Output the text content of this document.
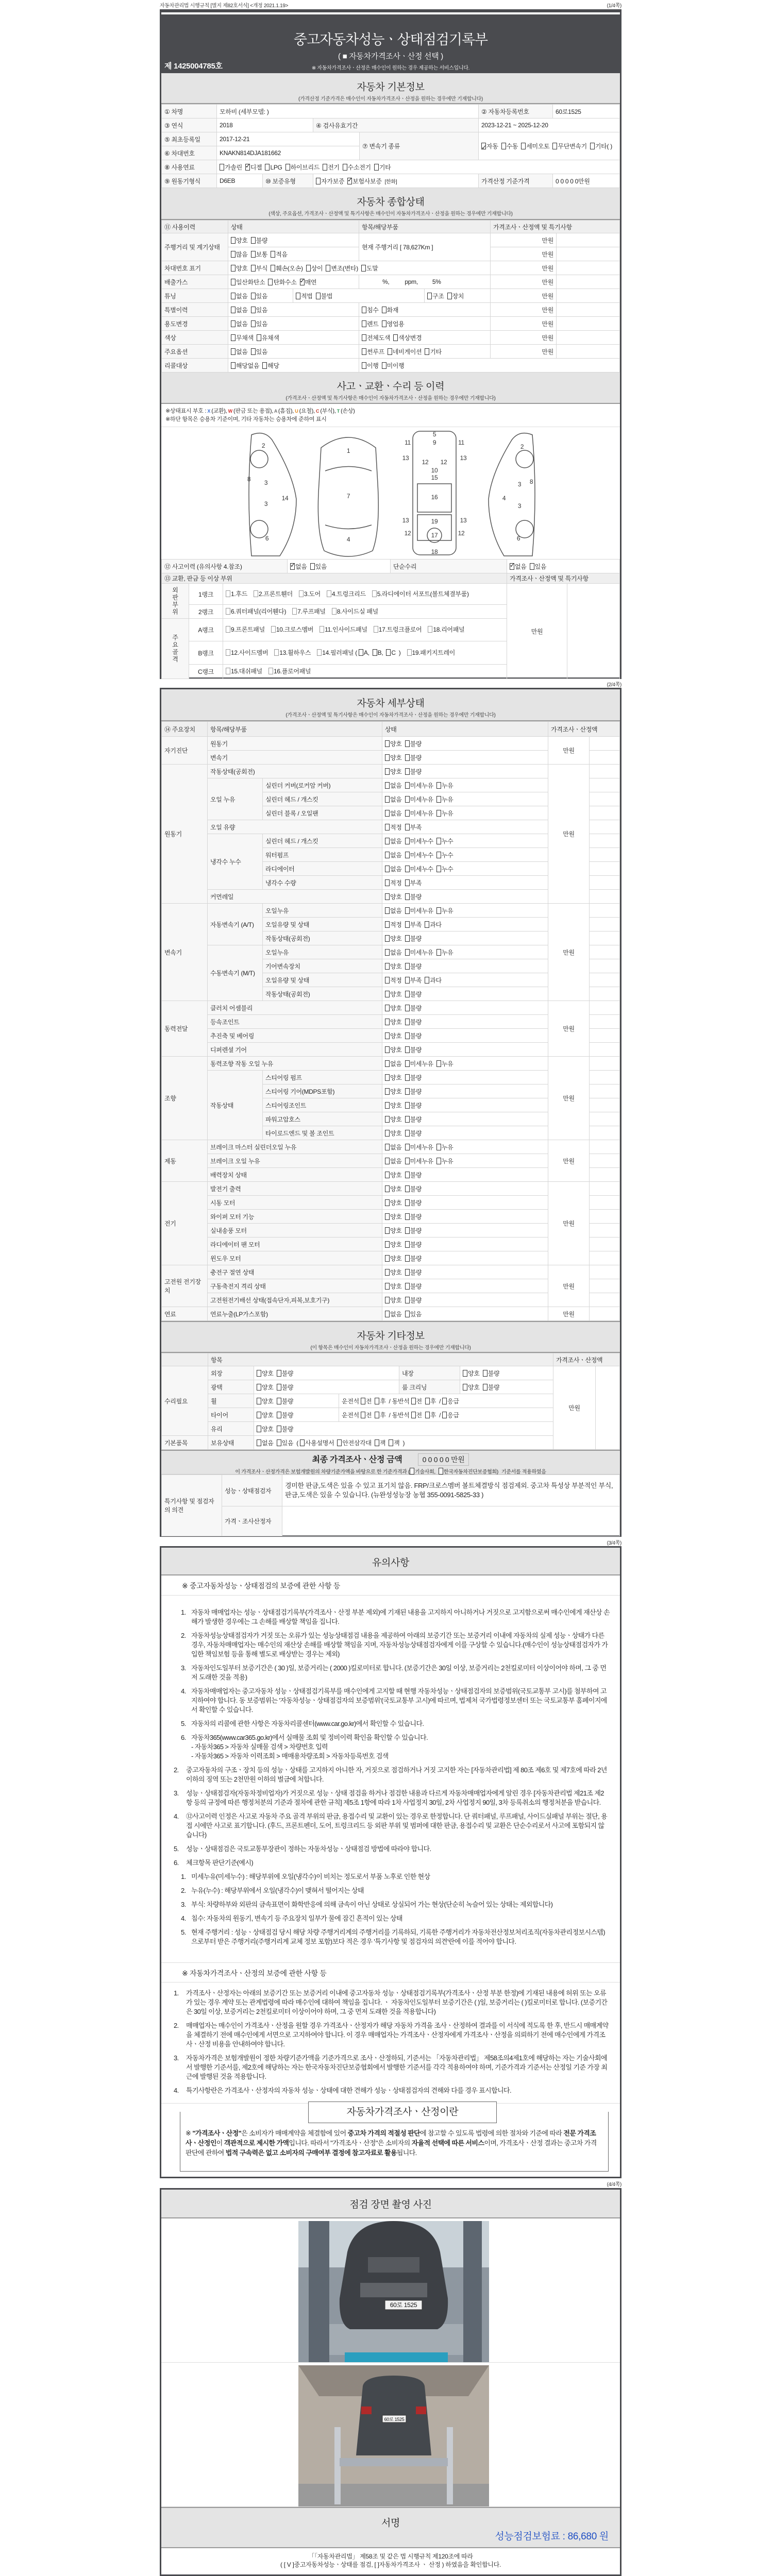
자동차관리법 시행규칙 [별지 제82호서식] <개정 2021.1.19>	(1/4쪽)
중고자동차성능ㆍ상태점검기록부
( ■ 자동차가격조사ㆍ산정 선택 )
※ 자동차가격조사ㆍ산정은 매수인이 원하는 경우 제공하는 서비스입니다.
제 1425004785호
자동차 기본정보
(가격산정 기준가격은 매수인이 자동차가격조사ㆍ산정을 원하는 경우에만 기재합니다)
① 차명	모하비 (세부모델: )				② 자동차등록번호	60로1525
③ 연식	2018		④ 검사유효기간		2023-12-21 ~ 2025-12-20	
⑤ 최초등록일	2017-12-21			⑦ 변속기 종류	✓자동 수동 세미오토 무단변속기 기타( )
⑥ 차대번호	KNAKN814DJA181662					
⑧ 사용연료	가솔린 ✓ 디젤 LPG 하이브리드 전기 수소전기 기타
⑨ 원동기형식	D6EB	⑩ 보증유형	자가보증 ✓ 보험사보증 [한화]		가격산정 기준가격	0 0 0 0 0만원
자동차 종합상태
(색상, 주요옵션, 가격조사ㆍ산정액 및 특기사항은 매수인이 자동차가격조사ㆍ산정을 원하는 경우에만 기재합니다)
⑪ 사용이력	상태		항목/해당부품		가격조사ㆍ산정액 및 특기사항	
주행거리 및 계기상태	양호 불량		현재 주행거리 [ 78,627Km ]		만원	
	많음 보통 적음				만원	
차대번호 표기	양호 부식 훼손(오손) 상이 변조(변타) 도말				만원	
배출가스	일산화탄소 탄화수소 ✓ 매연		%, ppm, 5%		만원	
튜닝	없음 있음	적법 불법		구조 장치	만원	
특별이력	없음 있음		침수 화재		만원	
용도변경	없음 있음		렌트 영업용		만원	
색상	무채색 유채색		전체도색 색상변경		만원	
주요옵션	없음 있음		썬루프 네비게이션 기타		만원	
리콜대상	해당없음 해당		이행 미이행			
사고ㆍ교환ㆍ수리 등 이력
(가격조사ㆍ산정액 및 특기사항은 매수인이 자동차가격조사ㆍ산정을 원하는 경우에만 기재합니다)
※상태표시 부호 : X (교환), W (판금 또는 용접), A (흠집), U (요철), C (부식), T (손상)
※하단 항목은 승용차 기준이며, 기타 자동차는 승용차에 준하여 표시
2
8 3
3
14
6
1
7
4
5
9
11	11
13	13
12 12
10
15
16
19
13	13
17
12	12
18
2
3 8
4
3
6
⑫ 사고이력 (유의사항 4.참조)	✓없음 있음	단순수리	✓없음 있음
⑬ 교환, 판금 등 이상 부위					가격조사ㆍ산정액 및 특기사항	
외판부위	1랭크	1.후드 2.프론트휀더 3.도어 4.트렁크리드 5.라디에이터 서포트(볼트체결부품)			만원	
	2랭크	6.쿼터패널(리어휀다) 7.루프패널 8.사이드실 패널				
주요골격	A랭크	9.프론트패널 10.크로스멤버 11.인사이드패널 17.트렁크플로어 18.리어패널				
	B랭크	12.사이드멤버 13.휠하우스 14.필러패널 ( A, B, C ) 19.패키지트레이				
	C랭크	15.대쉬패널 16.플로어패널				
(2/4쪽)
자동차 세부상태
(가격조사ㆍ산정액 및 특기사항은 매수인이 자동차가격조사ㆍ산정을 원하는 경우에만 기재합니다)
⑭ 주요장치	항목/해당부품		상태	가격조사ㆍ산정액	
자기진단	원동기		양호 불량	만원	
	변속기		양호 불량		
원동기	작동상태(공회전)		양호 불량	만원	
	오일 누유	실린더 커버(로커암 커버)	없음 미세누유 누유		
		실린더 헤드 / 개스킷	없음 미세누유 누유		
		실린더 블록 / 오일팬	없음 미세누유 누유		
	오일 유량		적정 부족		
	냉각수 누수	실린더 헤드 / 개스킷	없음 미세누수 누수		
		워터펌프	없음 미세누수 누수		
		라디에이터	없음 미세누수 누수		
		냉각수 수량	적정 부족		
	커먼레일		양호 불량		
변속기	자동변속기 (A/T)	오일누유	없음 미세누유 누유	만원	
		오일유량 및 상태	적정 부족 과다		
		작동상태(공회전)	양호 불량		
	수동변속기 (M/T)	오일누유	없음 미세누유 누유		
		기어변속장치	양호 불량		
		오일유량 및 상태	적정 부족 과다		
		작동상태(공회전)	양호 불량		
동력전달	클러치 어셈블리		양호 불량	만원	
	등속조인트		양호 불량		
	추진축 및 베어링		양호 불량		
	디퍼렌셜 기어		양호 불량		
조향	동력조향 작동 오일 누유		없음 미세누유 누유	만원	
	작동상태	스티어링 펌프	양호 불량		
		스티어링 기어(MDPS포함)	양호 불량		
		스티어링조인트	양호 불량		
		파워고압호스	양호 불량		
		타이로드엔드 및 볼 조인트	양호 불량		
제동	브레이크 마스터 실린더오일 누유		없음 미세누유 누유	만원	
	브레이크 오일 누유		없음 미세누유 누유		
	배력장치 상태		양호 불량		
전기	발전기 출력		양호 불량	만원	
	시동 모터		양호 불량		
	와이퍼 모터 기능		양호 불량		
	실내송풍 모터		양호 불량		
	라디에이터 팬 모터		양호 불량		
	윈도우 모터		양호 불량		
고전원 전기장치	충전구 절연 상태		양호 불량	만원	
	구동축전지 격리 상태		양호 불량		
	고전원전기배선 상태(접속단자,피복,보호기구)		양호 불량		
연료	연료누출(LP가스포함)		없음 있음	만원	
자동차 기타정보
(이 항목은 매수인이 자동차가격조사ㆍ산정을 원하는 경우에만 기재합니다)
	항목					가격조사ㆍ산정액	
수리필요	외장	양호 불량		내장	양호 불량	만원	
	광택	양호 불량		룸 크리닝	양호 불량		
	휠	양호 불량	운전석 전 후 / 동반석 전 후 / 응급				
	타이어	양호 불량	운전석 전 후 / 동반석 전 후 / 응급				
	유리	양호 불량					
기본품목	보유상태	없음 있음 ( 사용설명서 안전삼각대 잭 잭 )					
최종 가격조사ㆍ산정 금액	0 0 0 0 0 만원
이 가격조사ㆍ산정가격은 보험개발원의 차량기준가액을 바탕으로 한 기준가격과 ( 기술사회, 한국자동차진단보증협회) 기준서를 적용하였음
특기사항 및 점검자의 의견	성능ㆍ상태점검자	경미한 판금,도색은 있을 수 있고 표기치 않음. FRP/크로스멤버 볼트체결방식 점검제외. 중고차 특성상 부분적인 부식,판금,도색은 있을 수 있습니다. (뉴완성성능장 농협 355-0091-5825-33 )
	가격ㆍ조사산정자	
(3/4쪽)
유의사항
※ 중고자동차성능ㆍ상태점검의 보증에 관한 사항 등
1. 자동차 매매업자는 성능ㆍ상태점검기록부(가격조사ㆍ산정 부분 제외)에 기재된 내용을 고지하지 아니하거나 거짓으로 고지함으로써 매수인에게 재산상 손해가 발생한 경우에는 그 손해를 배상할 책임을 집니다.
2. 자동차성능상태점검자가 거짓 또는 오류가 있는 성능상태점검 내용을 제공하여 아래의 보증기간 또는 보증거리 이내에 자동차의 실제 성능ㆍ상태가 다른 경우, 자동차매매업자는 매수인의 재산상 손해를 배상할 책임을 지며, 자동차성능상태점검자에게 이를 구상할 수 있습니다.(매수인이 성능상태점검자가 가입한 책임보험 등을 통해 별도로 배상받는 경우는 제외)
3. 자동차인도일부터 보증기간은 ( 30 )일, 보증거리는 ( 2000 )킬로미터로 합니다. (보증기간은 30일 이상, 보증거리는 2천킬로미터 이상이어야 하며, 그 중 먼저 도래한 것을 적용)
4. 자동차매매업자는 중고자동차 성능ㆍ상태점검기록부를 매수인에게 고지할 때 현행 자동차성능ㆍ상태점검자의 보증범위(국토교통부 고시)를 첨부하여 고지하여야 합니다. 동 보증범위는 '자동차성능ㆍ상태점검자의 보증범위'(국토교통부 고시)에 따르며, 법제처 국가법령정보센터 또는 국토교통부 홈페이지에서 확인할 수 있습니다.
5. 자동차의 리콜에 관한 사항은 자동차리콜센터(www.car.go.kr)에서 확인할 수 있습니다.
6. 자동차365(www.car365.go.kr)에서 실매물 조회 및 정비이력 확인을 확인할 수 있습니다.
- 자동차365 > 자동차 실매물 검색 > 차량번호 입력
- 자동차365 > 자동차 이력조회 > 매매용차량조회 > 자동차등록번호 검색
2. 중고자동차의 구조ㆍ장치 등의 성능ㆍ상태를 고지하지 아니한 자, 거짓으로 점검하거나 거짓 고지한 자는 [자동차관리법] 제 80조 제6호 및 제7호에 따라 2년 이하의 징역 또는 2천만원 이하의 벌금에 처합니다.
3. 성능ㆍ상태점검자(자동차정비업자)가 거짓으로 성능ㆍ상태 점검을 하거나 점검한 내용과 다르게 자동차매매업자에게 알린 경우 [자동차관리법 제21조 제2항 등의 규정에 따른 행정처분의 기준과 절차에 관한 규칙] 제5조 1항에 따라 1차 사업정지 30일, 2차 사업정지 90일, 3차 등록취소의 행정처분을 받습니다.
4. ⑫사고이력 인정은 사고로 자동차 주요 골격 부위의 판금, 용접수리 및 교환이 있는 경우로 한정합니다. 단 쿼터패널, 루프패널, 사이드실패널 부위는 절단, 용접 시에만 사고로 표기합니다. (후드, 프론트펜더, 도어, 트렁크리드 등 외판 부위 및 범퍼에 대한 판금, 용접수리 및 교환은 단순수리로서 사고에 포함되지 않습니다)
5. 성능ㆍ상태점검은 국토교통부장관이 정하는 자동차성능ㆍ상태점검 방법에 따라야 합니다.
6. 체크항목 판단기준(예시)
1. 미세누유(미세누수) : 해당부위에 오일(냉각수)이 비치는 정도로서 부품 노후로 인한 현상
2. 누유(누수) : 해당부위에서 오일(냉각수)이 맺혀서 떨어지는 상태
3. 부식: 차량하부와 외판의 금속표면이 화학반응에 의해 금속이 아닌 상태로 상실되어 가는 현상(단순히 녹슬어 있는 상태는 제외합니다)
4. 침수: 자동차의 원동기, 변속기 등 주요장치 일부가 물에 잠긴 흔적이 있는 상태
5. 현재 주행거리 : 성능ㆍ상태점검 당시 해당 차량 주행거리계의 주행거리를 기록하되, 기록한 주행거리가 자동차전산정보처리조직(자동차관리정보시스템)으로부터 받은 주행거리(주행거리계 교체 정보 포함)보다 적은 경우 '특기사항 및 점검자의 의견'란에 이를 적어야 합니다.
※ 자동차가격조사ㆍ산정의 보증에 관한 사항 등
1. 가격조사ㆍ산정자는 아래의 보증기간 또는 보증거리 이내에 중고자동차 성능ㆍ상태점검기록부(가격조사ㆍ산정 부분 한정)에 기재된 내용에 허위 또는 오류가 있는 경우 계약 또는 관계법령에 따라 매수인에 대하여 책임을 집니다. ㆍ 자동차인도일부터 보증기간은 ( )일, 보증거리는 ( )킬로미터로 합니다. (보증기간은 30일 이상, 보증거리는 2천킬로미터 이상이어야 하며, 그 중 먼저 도래한 것을 적용합니다)
2. 매매업자는 매수인이 가격조사ㆍ산정을 원할 경우 가격조사ㆍ산정자가 해당 자동차 가격을 조사ㆍ산정하여 결과를 이 서식에 적도록 한 후, 반드시 매매계약을 체결하기 전에 매수인에게 서면으로 고지하여야 합니다. 이 경우 매매업자는 가격조사ㆍ산정자에게 가격조사ㆍ산정을 의뢰하기 전에 매수인에게 가격조사ㆍ산정 비용을 안내하여야 합니다.
3. 자동차가격은 보험개발원이 정한 차량기준가액을 기준가격으로 조사ㆍ산정하되, 기준서는 「자동차관리법」 제58조의4제1호에 해당하는 자는 기술사회에서 발행한 기준서를, 제2호에 해당하는 자는 한국자동차진단보증협회에서 발행한 기준서를 각각 적용하여야 하며, 기준가격과 기준서는 산정일 기준 가장 최근에 발행된 것을 적용합니다.
4. 특기사항란은 가격조사ㆍ산정자의 자동차 성능ㆍ상태에 대한 견해가 성능ㆍ상태점검자의 견해와 다를 경우 표시합니다.
자동차가격조사ㆍ산정이란
※ "가격조사ㆍ산정"은 소비자가 매매계약을 체결함에 있어 중고차 가격의 적절성 판단에 참고할 수 있도록 법령에 의한 절차와 기준에 따라 전문 가격조사ㆍ산정인이 객관적으로 제시한 가액입니다. 따라서 "가격조사ㆍ산정"은 소비자의 자율적 선택에 따른 서비스이며, 가격조사ㆍ산정 결과는 중고차 가격판단에 관하여 법적 구속력은 없고 소비자의 구매여부 결정에 참고자료로 활용됩니다.
(4/4쪽)
점검 장면 촬영 사진
60로 1525
60로 1525
서명
성능점검보험료 : 86,680 원
「「자동차관리법」 제58조 및 같은 법 시행규칙 제120조에 따라
( [ V ]중고자동차성능ㆍ상태를 점검, [ ]자동차가격조사 ㆍ 산정 ) 하였음을 확인합니다.
